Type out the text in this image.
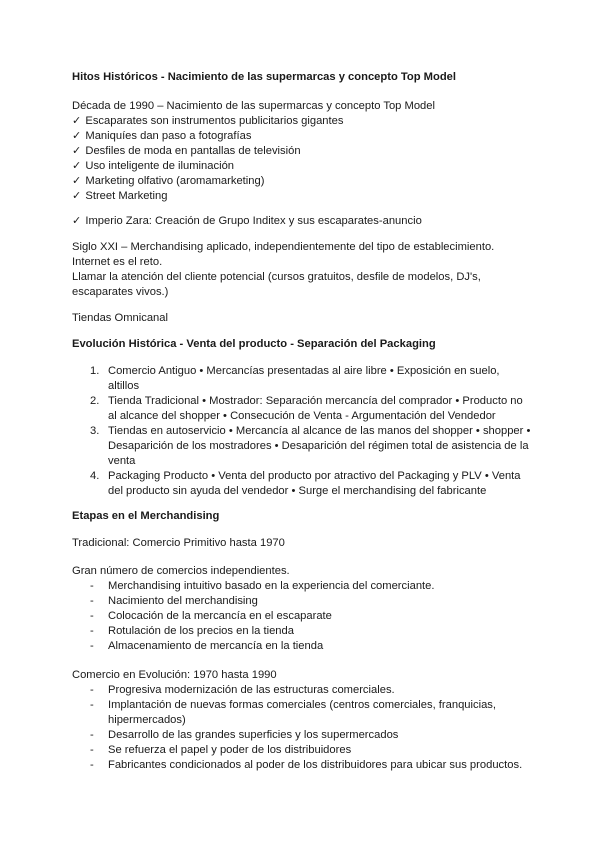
Hitos Históricos - Nacimiento de las supermarcas y concepto Top Model
Década de 1990 – Nacimiento de las supermarcas y concepto Top Model
✓ Escaparates son instrumentos publicitarios gigantes
✓ Maniquíes dan paso a fotografías
✓ Desfiles de moda en pantallas de televisión
✓ Uso inteligente de iluminación
✓ Marketing olfativo (aromamarketing)
✓ Street Marketing
✓ Imperio Zara: Creación de Grupo Inditex y sus escaparates-anuncio
Siglo XXI – Merchandising aplicado, independientemente del tipo de establecimiento.
Internet es el reto.
Llamar la atención del cliente potencial (cursos gratuitos, desfile de modelos, DJ's,
escaparates vivos.)
Tiendas Omnicanal
Evolución Histórica - Venta del producto - Separación del Packaging
1. Comercio Antiguo • Mercancías presentadas al aire libre • Exposición en suelo,
altillos
2. Tienda Tradicional • Mostrador: Separación mercancía del comprador • Producto no
al alcance del shopper • Consecución de Venta - Argumentación del Vendedor
3. Tiendas en autoservicio • Mercancía al alcance de las manos del shopper • shopper •
Desaparición de los mostradores • Desaparición del régimen total de asistencia de la
venta
4. Packaging Producto • Venta del producto por atractivo del Packaging y PLV • Venta
del producto sin ayuda del vendedor • Surge el merchandising del fabricante
Etapas en el Merchandising
Tradicional: Comercio Primitivo hasta 1970
Gran número de comercios independientes.
- Merchandising intuitivo basado en la experiencia del comerciante.
- Nacimiento del merchandising
- Colocación de la mercancía en el escaparate
- Rotulación de los precios en la tienda
- Almacenamiento de mercancía en la tienda
Comercio en Evolución: 1970 hasta 1990
- Progresiva modernización de las estructuras comerciales.
- Implantación de nuevas formas comerciales (centros comerciales, franquicias,
hipermercados)
- Desarrollo de las grandes superficies y los supermercados
- Se refuerza el papel y poder de los distribuidores
- Fabricantes condicionados al poder de los distribuidores para ubicar sus productos.
